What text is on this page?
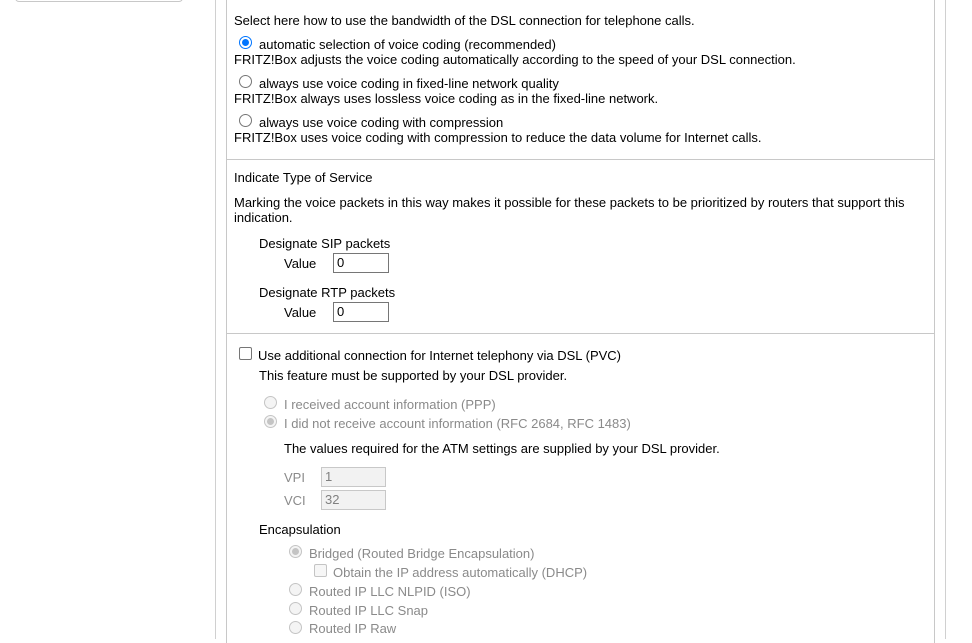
Select here how to use the bandwidth of the DSL connection for telephone calls.
automatic selection of voice coding (recommended)
FRITZ!Box adjusts the voice coding automatically according to the speed of your DSL connection.
always use voice coding in fixed-line network quality
FRITZ!Box always uses lossless voice coding as in the fixed-line network.
always use voice coding with compression
FRITZ!Box uses voice coding with compression to reduce the data volume for Internet calls.
Indicate Type of Service
Marking the voice packets in this way makes it possible for these packets to be prioritized by routers that support this
indication.
Designate SIP packets
Value	0
Designate RTP packets
Value	0
Use additional connection for Internet telephony via DSL (PVC)
This feature must be supported by your DSL provider.
I received account information (PPP)
I did not receive account information (RFC 2684, RFC 1483)
The values required for the ATM settings are supplied by your DSL provider.
VPI	1
VCI	32
Encapsulation
Bridged (Routed Bridge Encapsulation)
Obtain the IP address automatically (DHCP)
Routed IP LLC NLPID (ISO)
Routed IP LLC Snap
Routed IP Raw
